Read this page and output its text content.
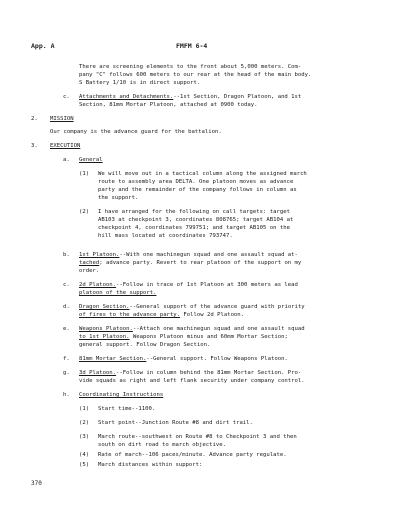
App. A	FMFM 6-4
There are screening elements to the front about 5,000 meters. Com-
pany "C" follows 600 meters to our rear at the head of the main body.
S Battery 1/10 is in direct support.
c. Attachments and Detachments.--1st Section, Dragon Platoon, and 1st
Section, 81mm Mortar Platoon, attached at 0900 today.
2. MISSION
Our company is the advance guard for the battalion.
3. EXECUTION
a. General
(1) We will move out in a tactical column along the assigned march
route to assembly area DELTA. One platoon moves as advance
party and the remainder of the company follows in column as
the support.
(2) I have arranged for the following on call targets: target
AB103 at checkpoint 3, coordinates 808765; target AB104 at
checkpoint 4, coordinates 799751; and target AB105 on the
hill mass located at coordinates 793747.
b. 1st Platoon.--With one machinegun squad and one assault squad at-
tached; advance party. Revert to rear platoon of the support on my
order.
c. 2d Platoon.--Follow in trace of 1st Platoon at 300 meters as lead
platoon of the support.
d. Dragon Section.--General support of the advance guard with priority
of fires to the advance party. Follow 2d Platoon.
e. Weapons Platoon.--Attach one machinegun squad and one assault squad
to 1st Platoon. Weapons Platoon minus and 60mm Mortar Section;
general support. Follow Dragon Section.
f. 81mm Mortar Section.--General support. Follow Weapons Platoon.
g. 3d Platoon.--Follow in column behind the 81mm Mortar Section. Pro-
vide squads as right and left flank security under company control.
h. Coordinating Instructions
(1) Start time--1100.
(2) Start point--Junction Route #8 and dirt trail.
(3) March route--southwest on Route #8 to Checkpoint 3 and then
south on dirt road to march objective.
(4) Rate of march--106 paces/minute. Advance party regulate.
(5) March distances within support:
370
